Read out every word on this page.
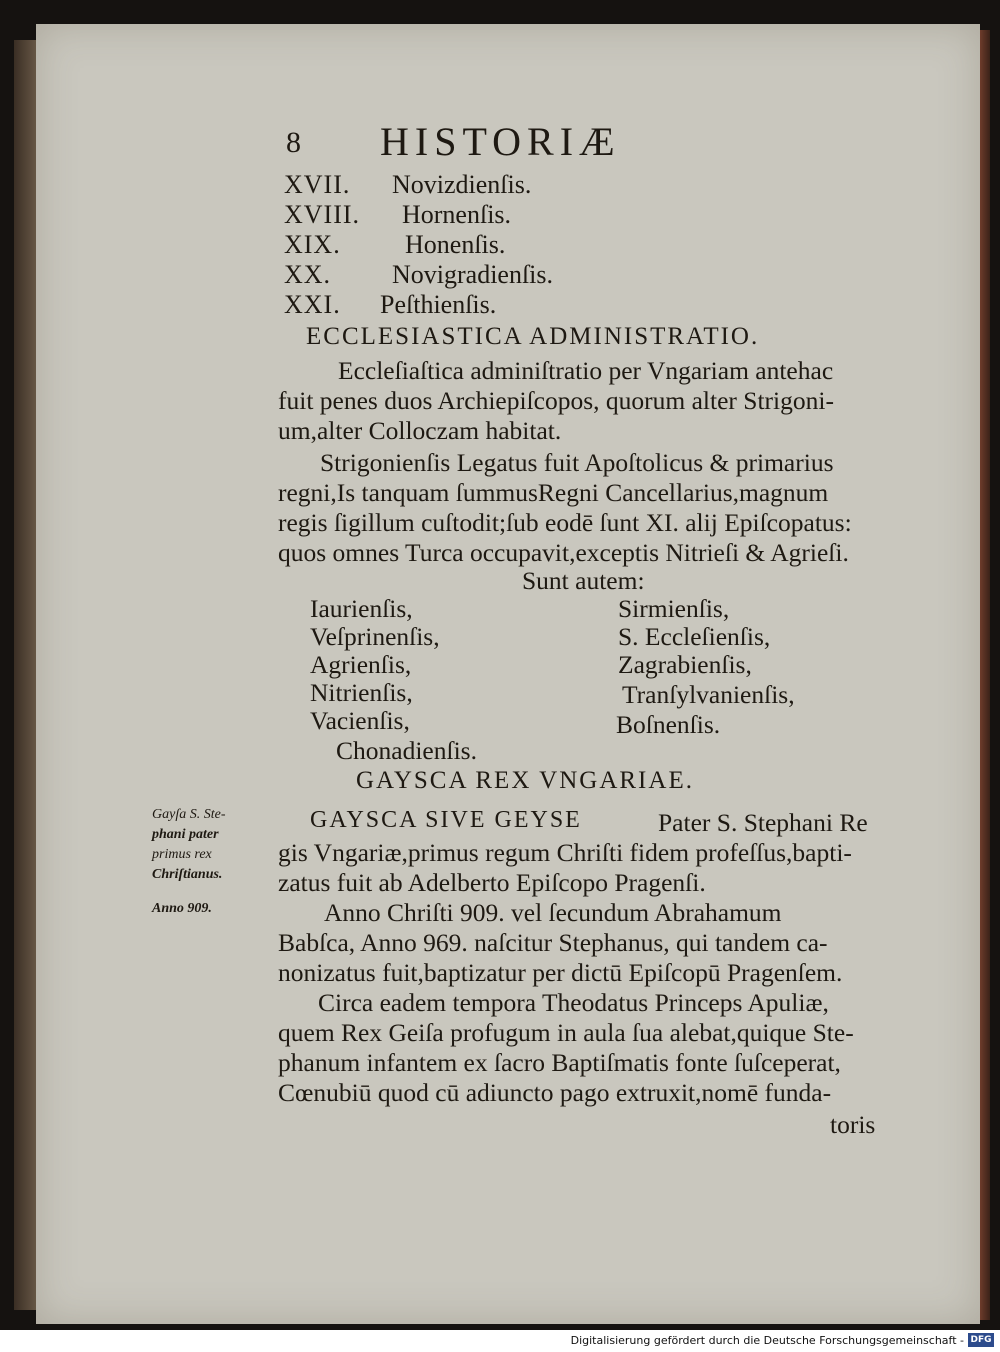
8 HISTORIÆ
XVII. Novizdienſis.
XVIII. Hornenſis.
XIX. Honenſis.
XX. Novigradienſis.
XXI. Peſthienſis.
ECCLESIASTICA ADMINISTRATIO.
Eccleſiaſtica adminiſtratio per Vngariam antehac
fuit penes duos Archiepiſcopos, quorum alter Strigoni-
um,alter Colloczam habitat.
Strigonienſis Legatus fuit Apoſtolicus & primarius
regni,Is tanquam ſummusRegni Cancellarius,magnum
regis ſigillum cuſtodit;ſub eodē ſunt XI. alij Epiſcopatus:
quos omnes Turca occupavit,exceptis Nitrieſi & Agrieſi.
Sunt autem:
Iaurienſis,
Veſprinenſis,
Agrienſis,
Nitrienſis,
Vacienſis,
Chonadienſis.
Sirmienſis,
S. Eccleſienſis,
Zagrabienſis,
Tranſylvanienſis,
Boſnenſis.
GAYSCA REX VNGARIAE.
GAYSCA SIVE GEYSE	Pater S. Stephani Re
gis Vngariæ,primus regum Chriſti fidem profeſſus,bapti-
zatus fuit ab Adelberto Epiſcopo Pragenſi.
Anno Chriſti 909. vel ſecundum Abrahamum
Babſca, Anno 969. naſcitur Stephanus, qui tandem ca-
nonizatus fuit,baptizatur per dictū Epiſcopū Pragenſem.
Circa eadem tempora Theodatus Princeps Apuliæ,
quem Rex Geiſa profugum in aula ſua alebat,quique Ste-
phanum infantem ex ſacro Baptiſmatis fonte ſuſceperat,
Cœnubiū quod cū adiuncto pago extruxit,nomē funda-
toris
Gayſa S. Ste-
phani pater
primus rex
Chriſtianus.
Anno 909.
Digitalisierung gefördert durch die Deutsche Forschungsgemeinschaft - DFG
